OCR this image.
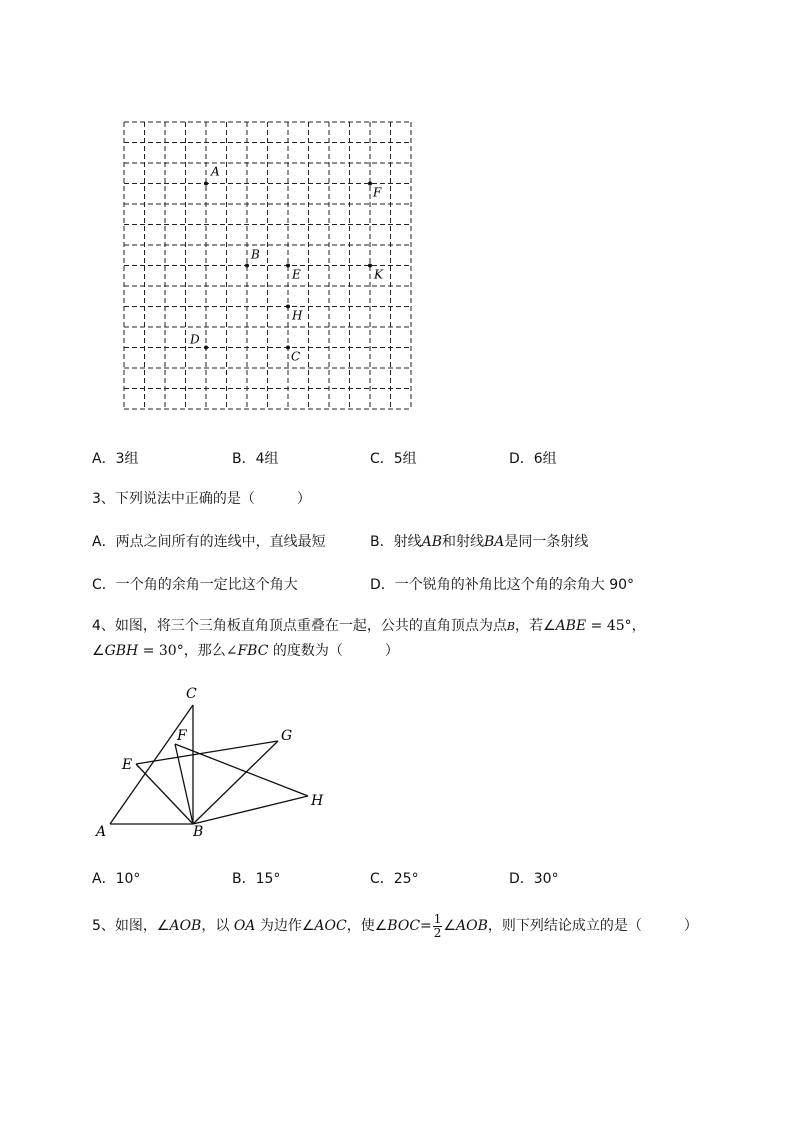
A
F
B
E	K
H
D
C
A．3组	B．4组	C．5组	D．6组
3、下列说法中正确的是（　　　）
A．两点之间所有的连线中，直线最短	B．射线AB和射线BA是同一条射线
C．一个角的余角一定比这个角大	D．一个锐角的补角比这个角的余角大 90°
4、如图，将三个三角板直角顶点重叠在一起，公共的直角顶点为点B，若∠ABE = 45°，
∠GBH = 30°，那么∠FBC 的度数为（　　　）
C
F	G
E
H
A	B
A．10°	B．15°	C．25°	D．30°
5、如图，∠AOB，以 OA 为边作∠AOC，使∠BOC= $\frac{1}{2}$ ∠AOB，则下列结论成立的是（　　　）
